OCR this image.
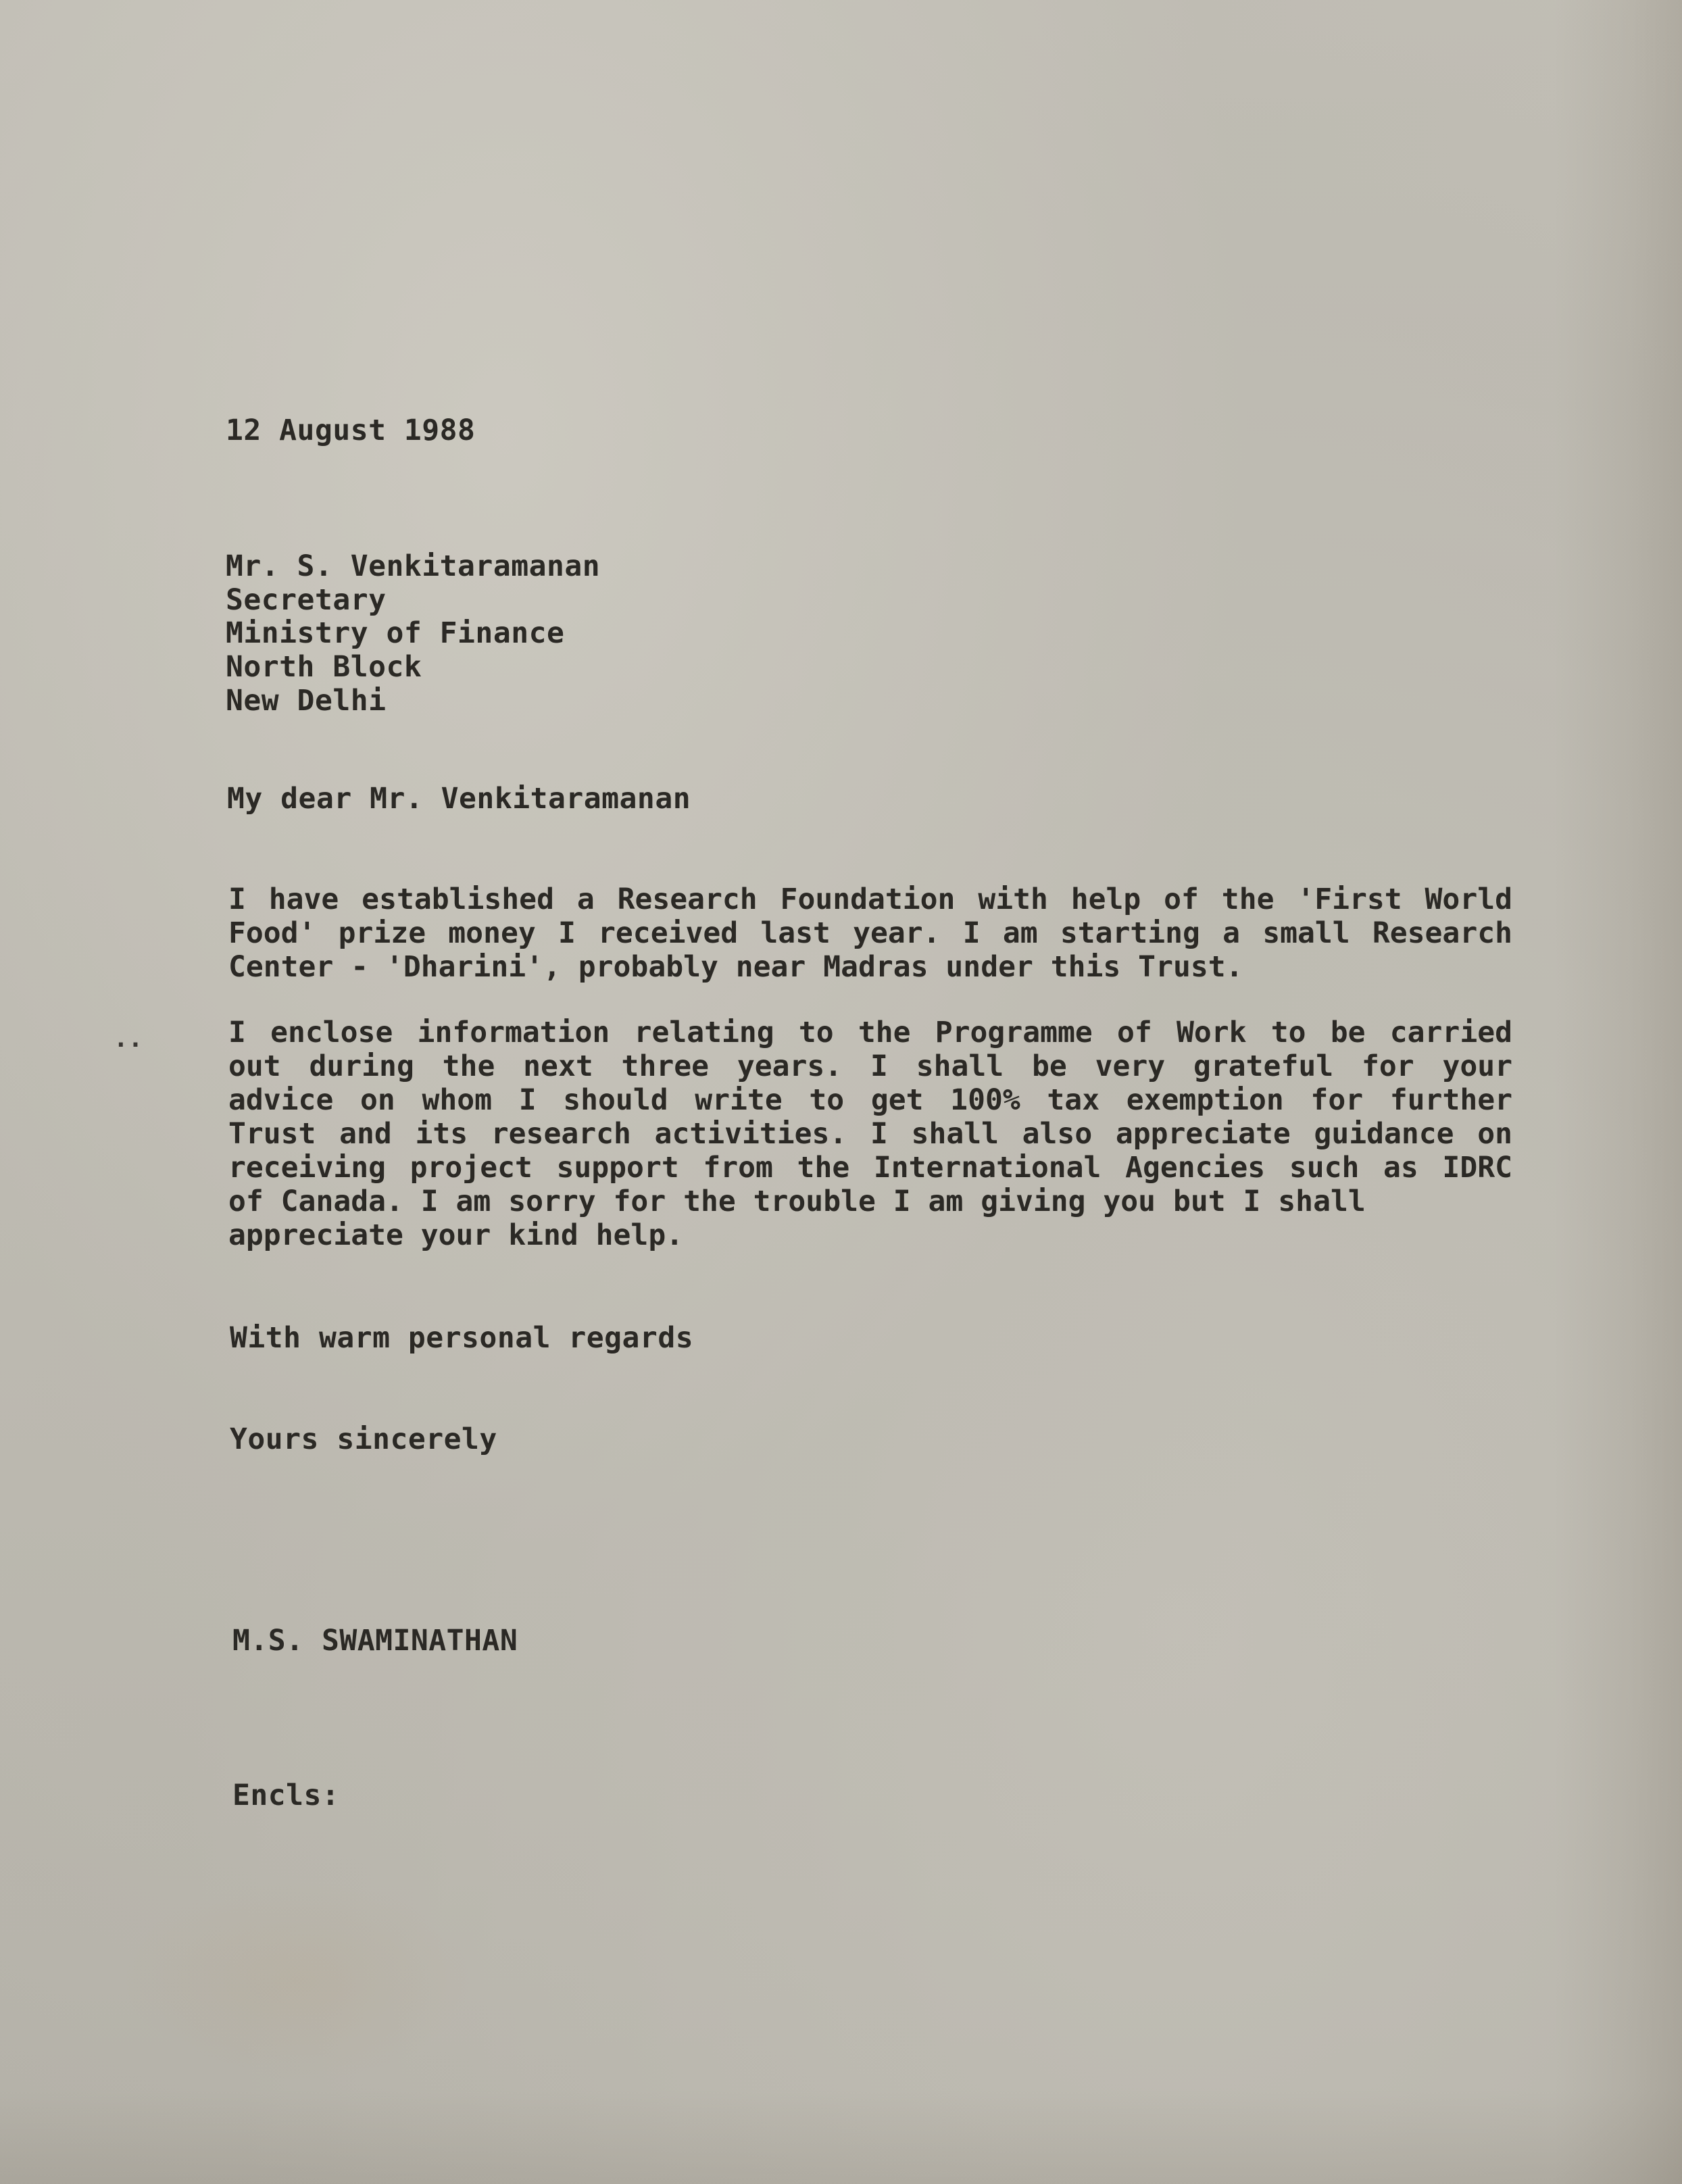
12 August 1988

Mr. S. Venkitaramanan

Secretary

Ministry of Finance

North Block

New Delhi

My dear Mr. Venkitaramanan

I have established a Research Foundation with help of the 'First World
Food' prize money I received last year. I am starting a small Research
Center - 'Dharini', probably near Madras under this Trust.
..	I enclose information relating to the Programme of Work to be carried
out during the next three years. I shall be very grateful for your
advice on whom I should write to get 100% tax exemption for further
Trust and its research activities. I shall also appreciate guidance on
receiving project support from the International Agencies such as IDRC
of Canada. I am sorry for the trouble I am giving you but I shall
appreciate your kind help.

With warm personal regards

Yours sincerely

M.S. SWAMINATHAN

Encls:
